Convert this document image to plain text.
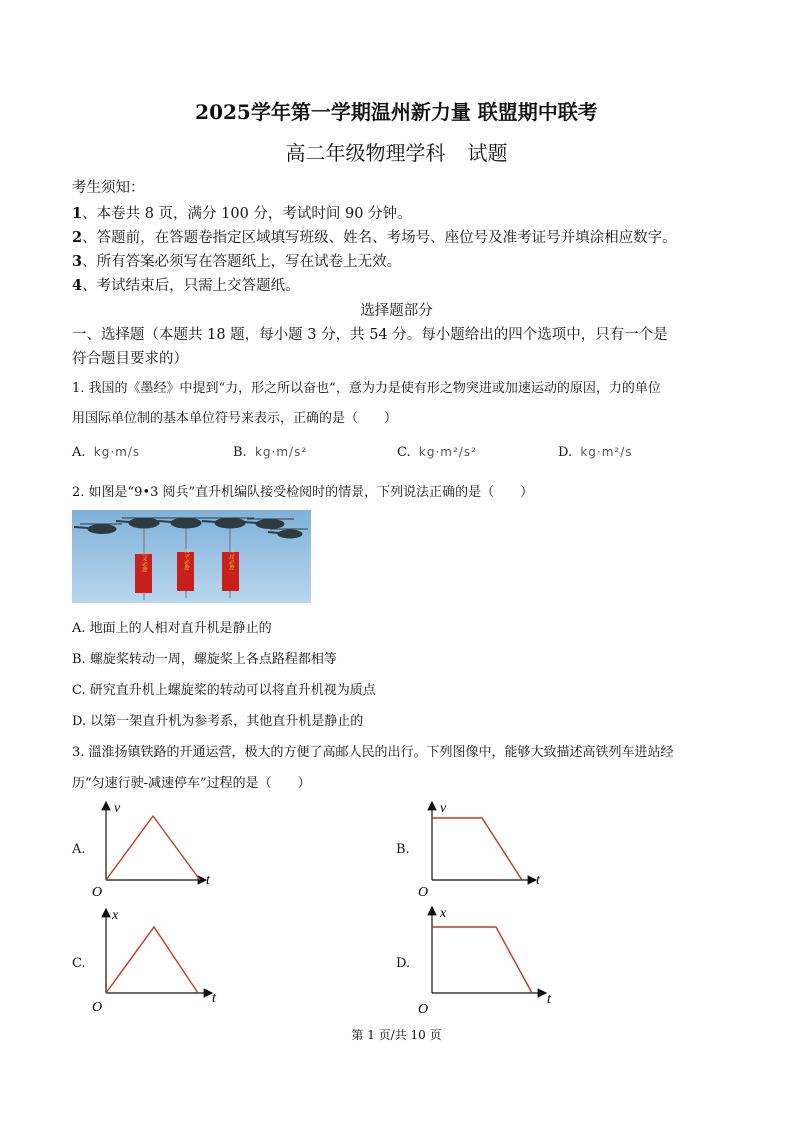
2025学年第一学期温州新力量 联盟期中联考
高二年级物理学科 试题
考生须知：
1、本卷共 8 页，满分 100 分，考试时间 90 分钟。
2、答题前，在答题卷指定区域填写班级、姓名、考场号、座位号及准考证号并填涂相应数字。
3、所有答案必须写在答题纸上，写在试卷上无效。
4、考试结束后，只需上交答题纸。
选择题部分
一、选择题（本题共 18 题，每小题 3 分，共 54 分。每小题给出的四个选项中，只有一个是
符合题目要求的）
1. 我国的《墨经》中提到“力，形之所以奋也”，意为力是使有形之物突进或加速运动的原因，力的单位
用国际单位制的基本单位符号来表示，正确的是（　　）
A. kg·m/s	B. kg·m/s²	C. kg·m²/s²	D. kg·m²/s
2. 如图是“9•3 阅兵”直升机编队接受检阅时的情景，下列说法正确的是（　　）
正义必胜	和平必胜	人民必胜
A. 地面上的人相对直升机是静止的
B. 螺旋桨转动一周，螺旋桨上各点路程都相等
C. 研究直升机上螺旋桨的转动可以将直升机视为质点
D. 以第一架直升机为参考系，其他直升机是静止的
3. 溫淮扬镇铁路的开通运营，极大的方便了高邮人民的出行。下列图像中，能够大致描述高铁列车进站经
历“匀速行驶-减速停车”过程的是（　　）
A.
v
t
O
B.
v
t
O
C.
x
t
O
D.
x
t
O
第 1 页/共 10 页
